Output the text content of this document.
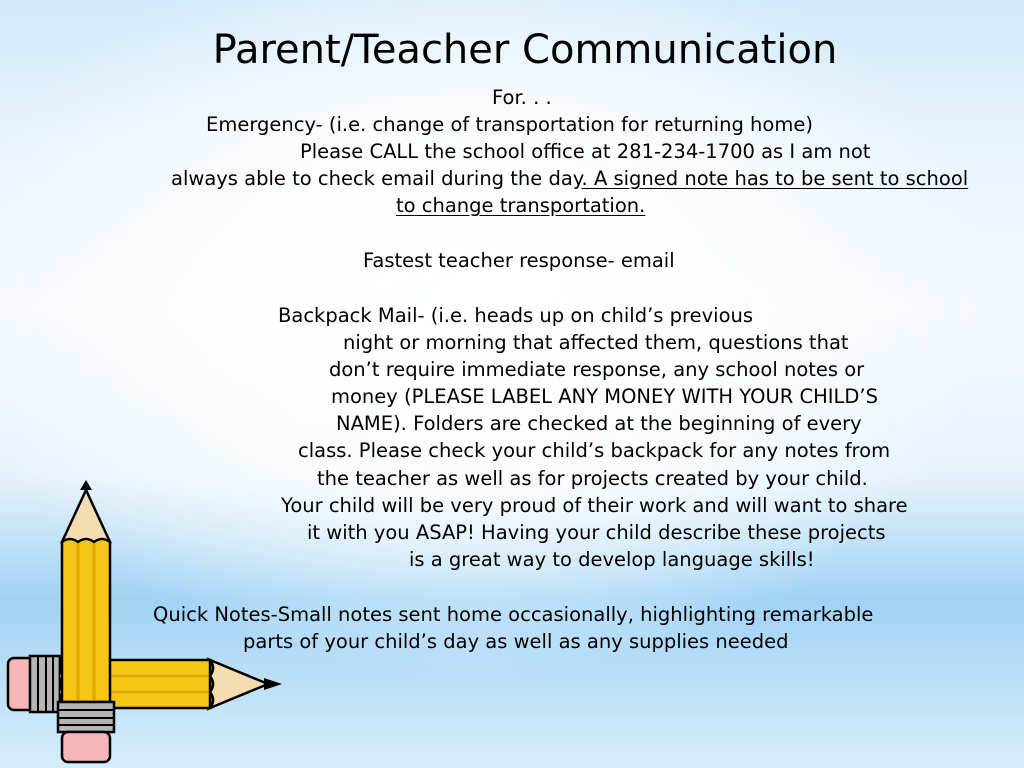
Parent/Teacher Communication
For. . .
Emergency- (i.e. change of transportation for returning home)
Please CALL the school office at 281-234-1700 as I am not
always able to check email during the day. A signed note has to be sent to school
to change transportation.
Fastest teacher response- email
Backpack Mail- (i.e. heads up on child’s previous
night or morning that affected them, questions that
don’t require immediate response, any school notes or
money (PLEASE LABEL ANY MONEY WITH YOUR CHILD’S
NAME). Folders are checked at the beginning of every
class. Please check your child’s backpack for any notes from
the teacher as well as for projects created by your child.
Your child will be very proud of their work and will want to share
it with you ASAP! Having your child describe these projects
is a great way to develop language skills!
Quick Notes-Small notes sent home occasionally, highlighting remarkable
parts of your child’s day as well as any supplies needed
